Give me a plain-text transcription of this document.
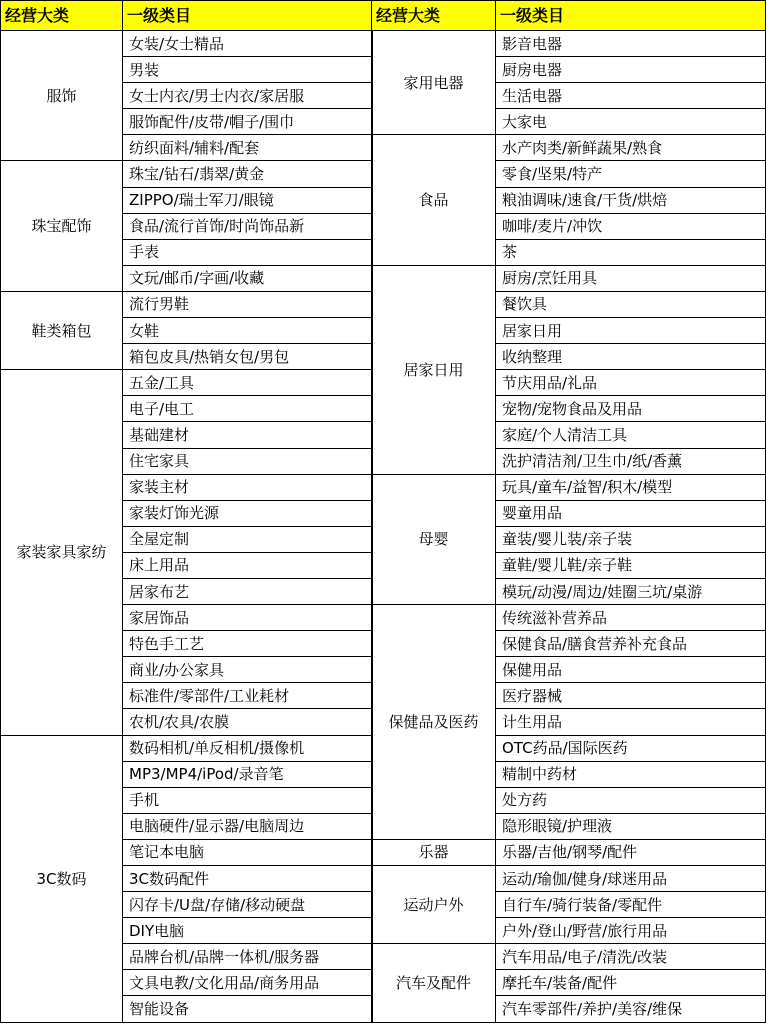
经营大类	一级类目
服饰	女装/女士精品
	男装
	女士内衣/男士内衣/家居服
	服饰配件/皮带/帽子/围巾
	纺织面料/辅料/配套
珠宝配饰	珠宝/钻石/翡翠/黄金
	ZIPPO/瑞士军刀/眼镜
	食品/流行首饰/时尚饰品新
	手表
	文玩/邮币/字画/收藏
鞋类箱包	流行男鞋
	女鞋
	箱包皮具/热销女包/男包
家装家具家纺	五金/工具
	电子/电工
	基础建材
	住宅家具
	家装主材
	家装灯饰光源
	全屋定制
	床上用品
	居家布艺
	家居饰品
	特色手工艺
	商业/办公家具
	标准件/零部件/工业耗材
	农机/农具/农膜
3C数码	数码相机/单反相机/摄像机
	MP3/MP4/iPod/录音笔
	手机
	电脑硬件/显示器/电脑周边
	笔记本电脑
	3C数码配件
	闪存卡/U盘/存储/移动硬盘
	DIY电脑
	品牌台机/品牌一体机/服务器
	文具电教/文化用品/商务用品
	智能设备
经营大类	一级类目
家用电器	影音电器
	厨房电器
	生活电器
	大家电
食品	水产肉类/新鲜蔬果/熟食
	零食/坚果/特产
	粮油调味/速食/干货/烘焙
	咖啡/麦片/冲饮
	茶
居家日用	厨房/烹饪用具
	餐饮具
	居家日用
	收纳整理
	节庆用品/礼品
	宠物/宠物食品及用品
	家庭/个人清洁工具
	洗护清洁剂/卫生巾/纸/香薰
母婴	玩具/童车/益智/积木/模型
	婴童用品
	童装/婴儿装/亲子装
	童鞋/婴儿鞋/亲子鞋
	模玩/动漫/周边/娃圈三坑/桌游
保健品及医药	传统滋补营养品
	保健食品/膳食营养补充食品
	保健用品
	医疗器械
	计生用品
	OTC药品/国际医药
	精制中药材
	处方药
	隐形眼镜/护理液
乐器	乐器/吉他/钢琴/配件
运动户外	运动/瑜伽/健身/球迷用品
	自行车/骑行装备/零配件
	户外/登山/野营/旅行用品
汽车及配件	汽车用品/电子/清洗/改装
	摩托车/装备/配件
	汽车零部件/养护/美容/维保
